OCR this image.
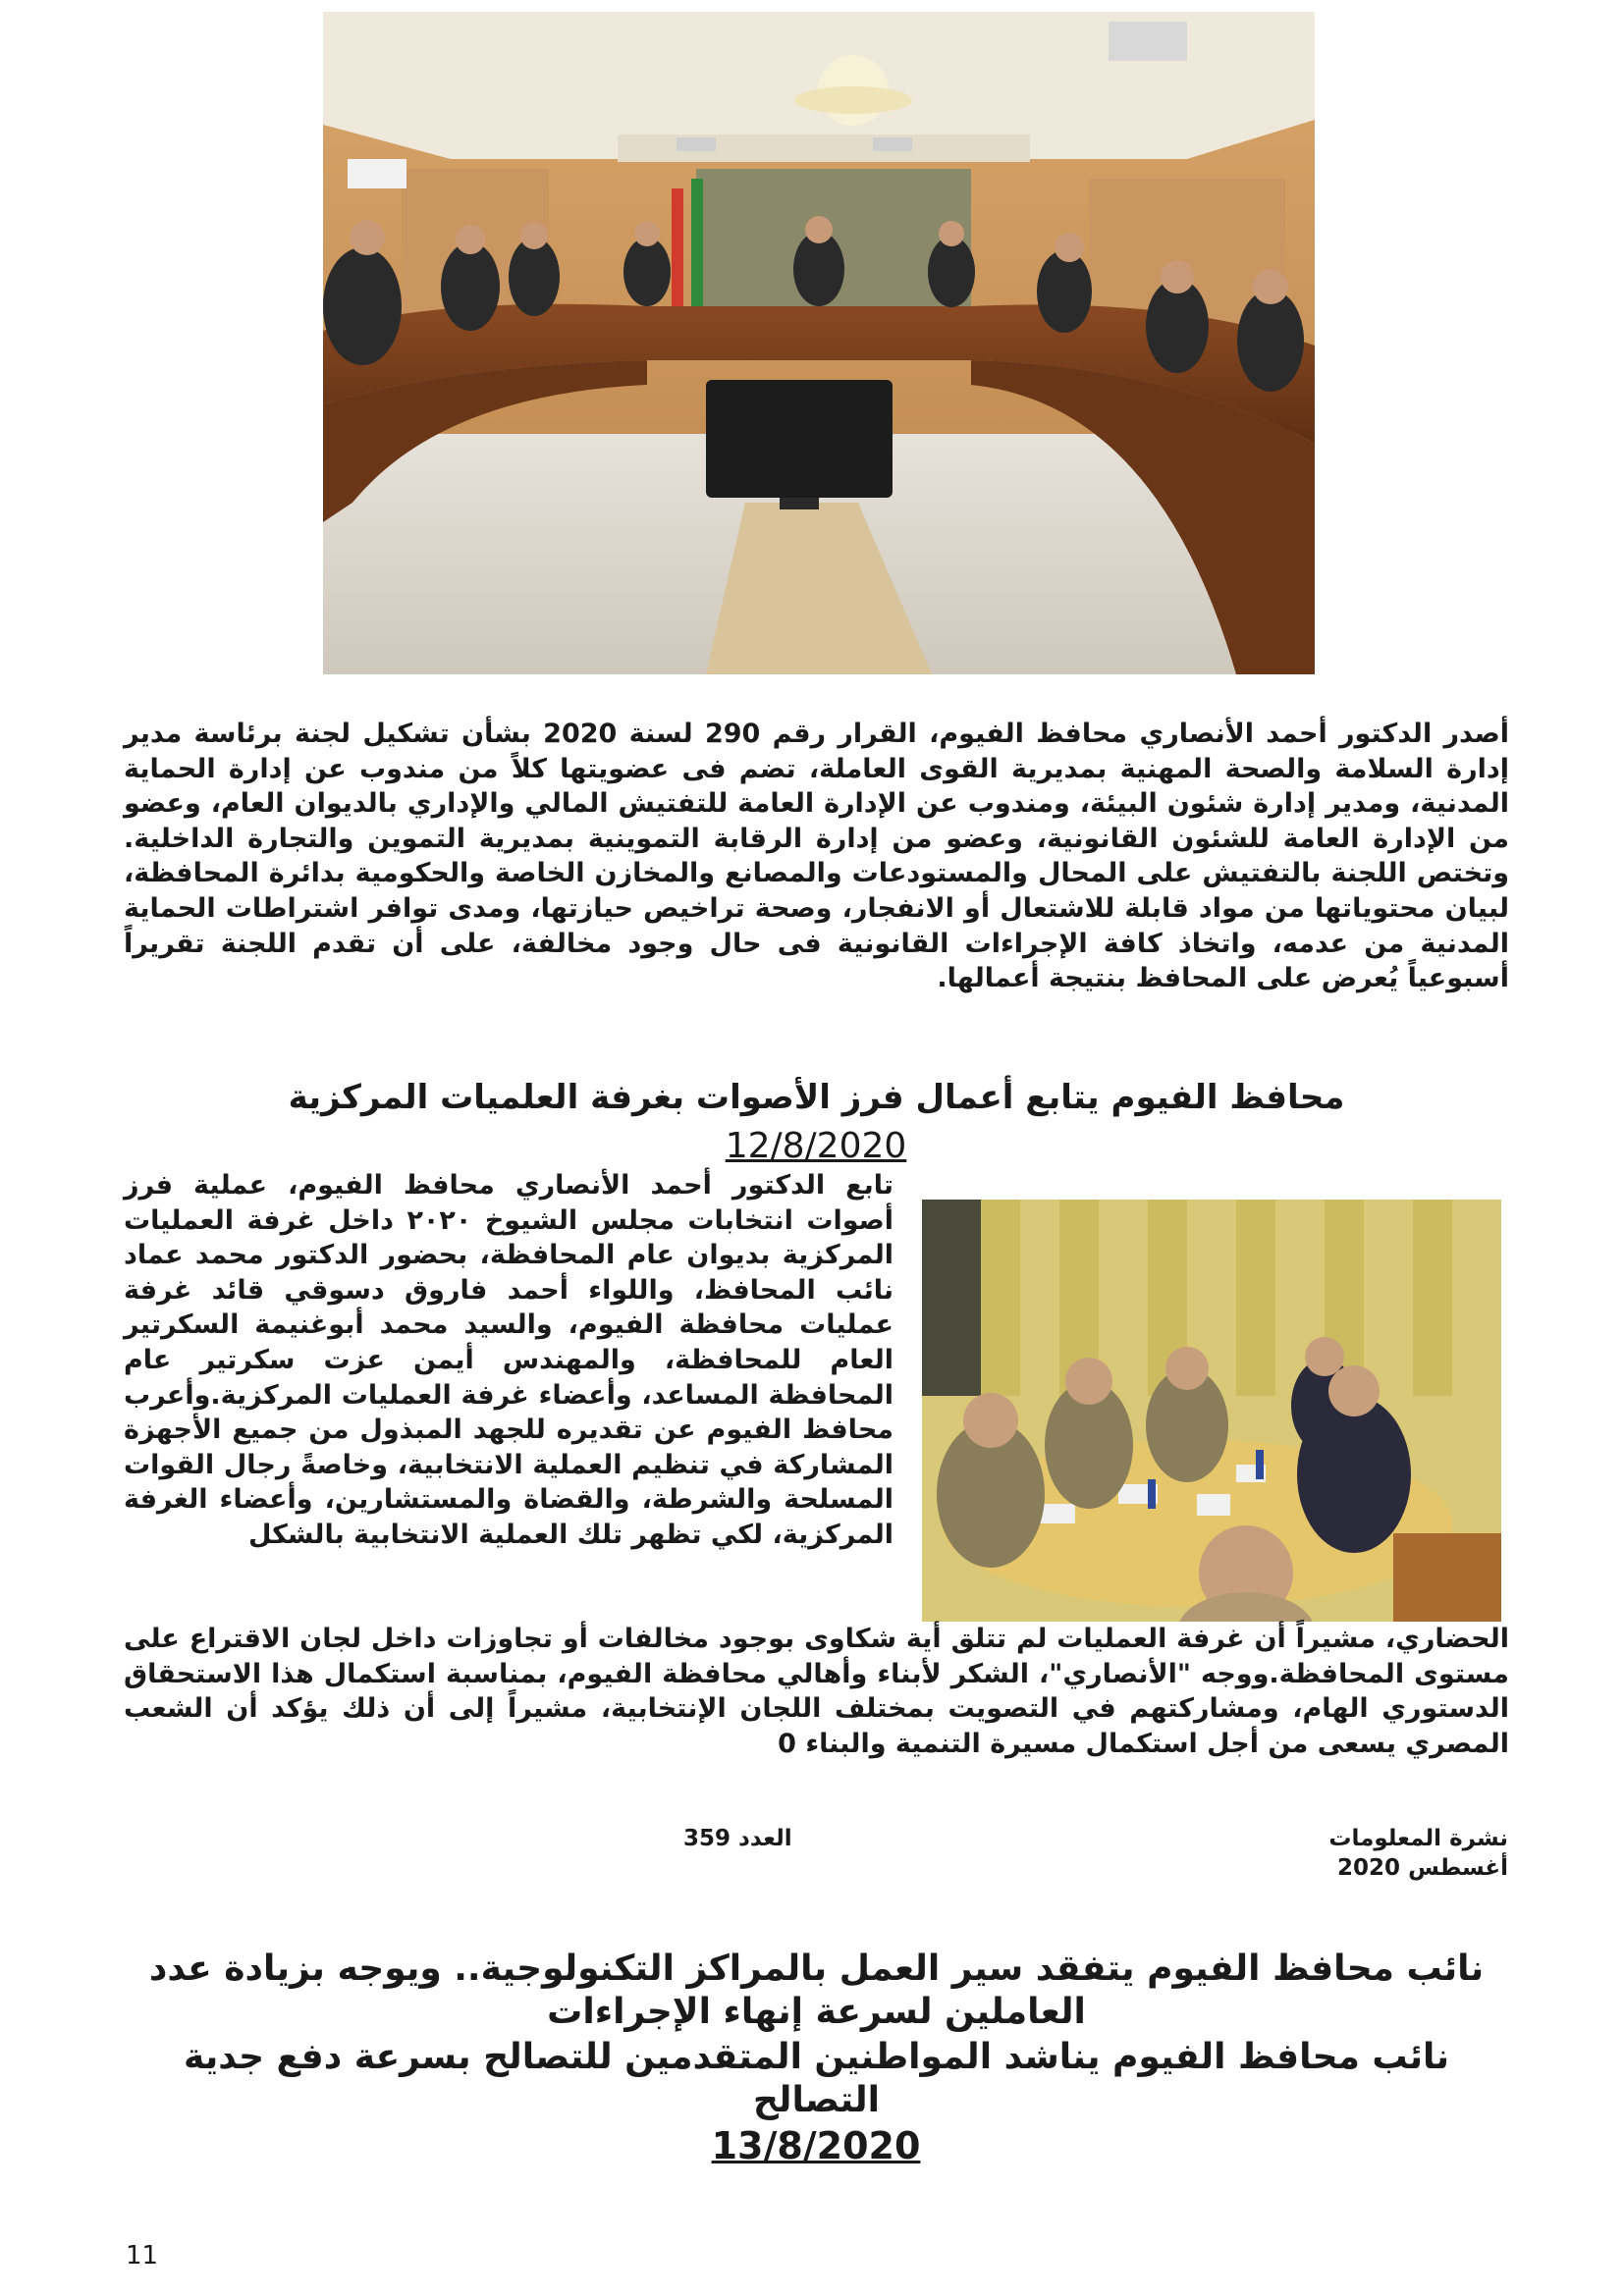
أصدر الدكتور أحمد الأنصاري محافظ الفيوم، القرار رقم 290 لسنة 2020 بشأن تشكيل لجنة برئاسة مدير إدارة السلامة والصحة المهنية بمديرية القوى العاملة، تضم فى عضويتها كلاً من مندوب عن إدارة الحماية المدنية، ومدير إدارة شئون البيئة، ومندوب عن الإدارة العامة للتفتيش المالي والإداري بالديوان العام، وعضو من الإدارة العامة للشئون القانونية، وعضو من إدارة الرقابة التموينية بمديرية التموين والتجارة الداخلية. وتختص اللجنة بالتفتيش على المحال والمستودعات والمصانع والمخازن الخاصة والحكومية بدائرة المحافظة، لبيان محتوياتها من مواد قابلة للاشتعال أو الانفجار، وصحة تراخيص حيازتها، ومدى توافر اشتراطات الحماية المدنية من عدمه، واتخاذ كافة الإجراءات القانونية فى حال وجود مخالفة، على أن تقدم اللجنة تقريراً أسبوعياً يُعرض على المحافظ بنتيجة أعمالها.

محافظ الفيوم يتابع أعمال فرز الأصوات بغرفة العلميات المركزية
12/8/2020

تابع الدكتور أحمد الأنصاري محافظ الفيوم، عملية فرز أصوات انتخابات مجلس الشيوخ ٢٠٢٠ داخل غرفة العمليات المركزية بديوان عام المحافظة، بحضور الدكتور محمد عماد نائب المحافظ، واللواء أحمد فاروق دسوقي قائد غرفة عمليات محافظة الفيوم، والسيد محمد أبوغنيمة السكرتير العام للمحافظة، والمهندس أيمن عزت سكرتير عام المحافظة المساعد، وأعضاء غرفة العمليات المركزية.وأعرب محافظ الفيوم عن تقديره للجهد المبذول من جميع الأجهزة المشاركة في تنظيم العملية الانتخابية، وخاصةً رجال القوات المسلحة والشرطة، والقضاة والمستشارين، وأعضاء الغرفة المركزية، لكي تظهر تلك العملية الانتخابية بالشكل

الحضاري، مشيراً أن غرفة العمليات لم تتلق أية شكاوى بوجود مخالفات أو تجاوزات داخل لجان الاقتراع على مستوى المحافظة.ووجه "الأنصاري"، الشكر لأبناء وأهالي محافظة الفيوم، بمناسبة استكمال هذا الاستحقاق الدستوري الهام، ومشاركتهم في التصويت بمختلف اللجان الإنتخابية، مشيراً إلى أن ذلك يؤكد أن الشعب المصري يسعى من أجل استكمال مسيرة التنمية والبناء 0

نشرة المعلومات
أغسطس 2020
العدد 359
نائب محافظ الفيوم يتفقد سير العمل بالمراكز التكنولوجية.. ويوجه بزيادة عدد العاملين لسرعة إنهاء الإجراءات
نائب محافظ الفيوم يناشد المواطنين المتقدمين للتصالح بسرعة دفع جدية التصالح
13/8/2020
11
